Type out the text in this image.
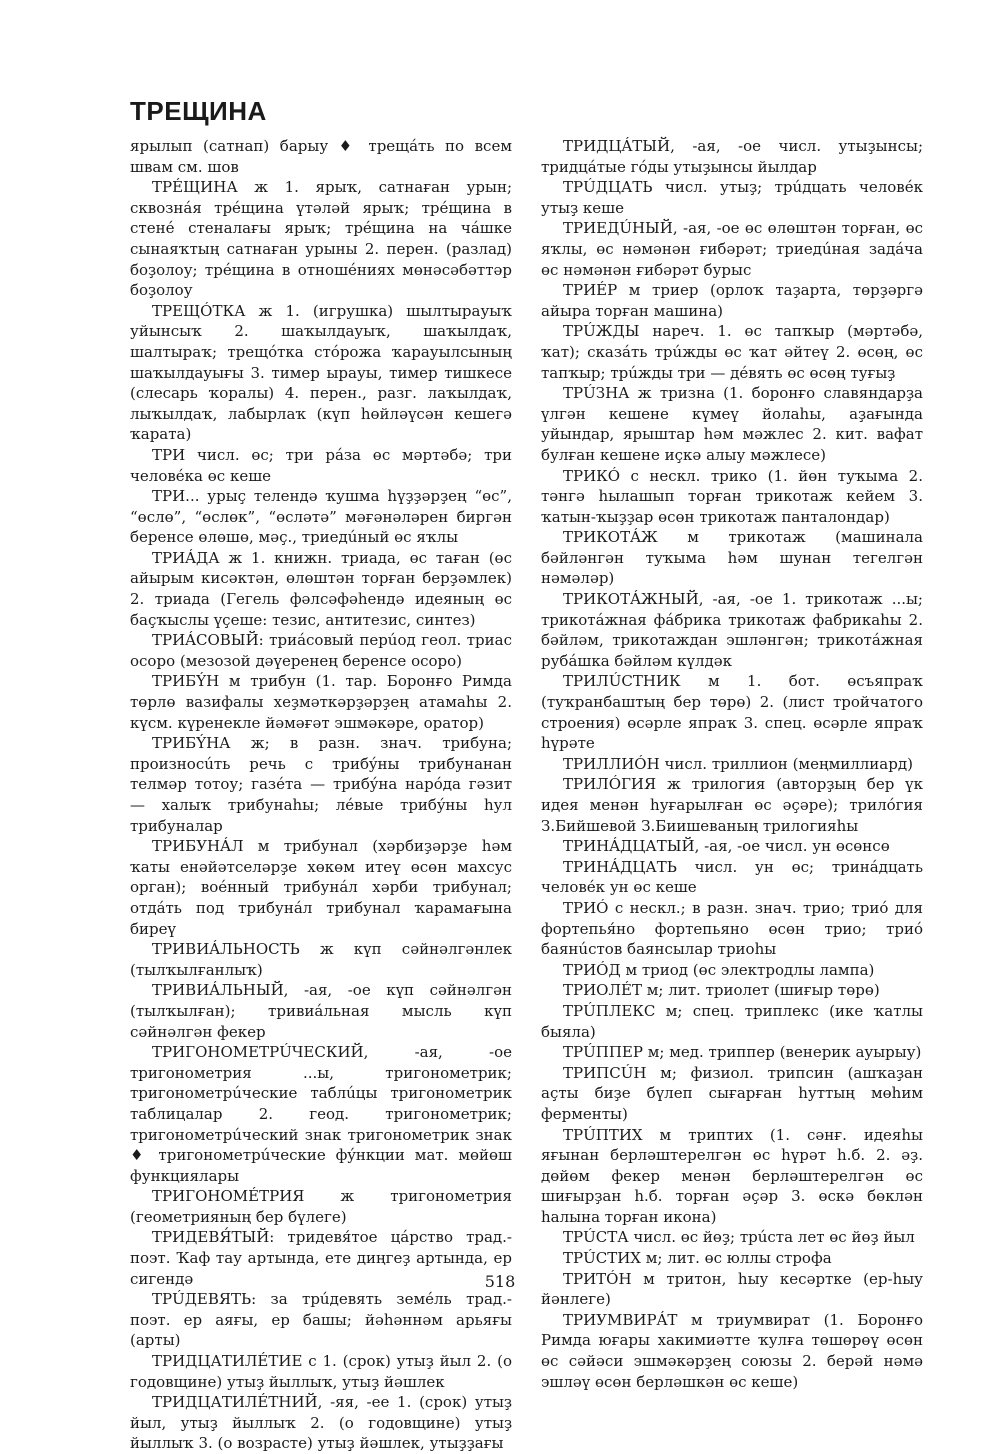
ТРЕЩИНА

ярылып (сатнап) барыу ♦ трещáть по всем швам см. шов

ТРÉЩИНА ж 1. ярыҡ, сатнаған урын; сквознáя трéщина үтәләй ярыҡ; трéщина в стенé стеналағы ярыҡ; трéщина на чáшке сынаяҡтың сатнаған урыны 2. перен. (разлад) боҙолоу; трéщина в отношéниях мөнәсәбәттәр боҙолоу

ТРЕЩÓТКА ж 1. (игрушка) шылтырауыҡ уйынсыҡ 2. шаҡылдауыҡ, шаҡылдаҡ, шалтыраҡ; трещóтка стóрожа ҡарауылсының шаҡылдауығы 3. тимер ырауы, тимер тишкесе (слесарь ҡоралы) 4. перен., разг. лаҡылдаҡ, лыҡылдаҡ, лабырлаҡ (күп һөйләүсән кешегә ҡарата)

ТРИ числ. өс; три рáза өс мәртәбә; три человéка өс кеше

ТРИ... урыҫ телендә ҡушма һүҙҙәрҙең “өс”, “өслө”, “өслөк”, “өсләтә” мәғәнәләрен биргән беренсе өлөшө, мәҫ., триедúный өс яҡлы

ТРИÁДА ж 1. книжн. триада, өс таған (өс айырым кисәктән, өлөштән торған берҙәмлек) 2. триада (Гегель фәлсәфәһендә идеяның өс баҫҡыслы үҫеше: тезис, антитезис, синтез)

ТРИÁСОВЫЙ: триáсовый перúод геол. триас осоро (мезозой дәүеренең беренсе осоро)

ТРИБÝН м трибун (1. тар. Боронғо Римда төрлө вазифалы хеҙмәткәрҙәрҙең атамаһы 2. күсм. күренекле йәмәғәт эшмәкәре, оратор)

ТРИБÝНА ж; в разн. знач. трибуна; произносúть речь с трибýны трибунанан телмәр тотоу; газéта — трибýна нарóда гәзит — халыҡ трибунаһы; лéвые трибýны һул трибуналар

ТРИБУНÁЛ м трибунал (хәрбиҙәрҙе һәм ҡаты енәйәтселәрҙе хөкөм итеү өсөн махсус орган); воéнный трибунáл хәрби трибунал; отдáть под трибунáл трибунал ҡарамағына биреү

ТРИВИÁЛЬНОСТЬ ж күп сәйнәлгәнлек (тылҡылғанлыҡ)

ТРИВИÁЛЬНЫЙ, -ая, -ое күп сәйнәлгән (тылҡылған); тривиáльная мысль күп сәйнәлгән фекер

ТРИГОНОМЕТРÚЧЕСКИЙ, -ая, -ое тригонометрия ...ы, тригонометрик; тригонометрúческие таблúцы тригонометрик таблицалар 2. геод. тригонометрик; тригонометрúческий знак тригонометрик знак ♦ тригонометрúческие фýнкции мат. мөйөш функциялары

ТРИГОНОМÉТРИЯ ж тригонометрия (геометрияның бер бүлеге)

ТРИДЕВЯ́ТЫЙ: тридевя́тое цáрство трад.-поэт. Ҡаф тау артында, ете диңгеҙ артында, ер сигендә

ТРÚДЕВЯТЬ: за трúдевять земéль трад.-поэт. ер аяғы, ер башы; йәһәннәм арьяғы (арты)

ТРИДЦАТИЛÉТИЕ с 1. (срок) утыҙ йыл 2. (о годовщине) утыҙ йыллыҡ, утыҙ йәшлек

ТРИДЦАТИЛÉТНИЙ, -яя, -ее 1. (срок) утыҙ йыл, утыҙ йыллыҡ 2. (о годовщине) утыҙ йыллыҡ 3. (о возрасте) утыҙ йәшлек, утыҙҙағы

ТРИДЦÁТЫЙ, -ая, -ое числ. утыҙынсы; тридцáтые гóды утыҙынсы йылдар

ТРÚДЦАТЬ числ. утыҙ; трúдцать человéк утыҙ кеше

ТРИЕДÚНЫЙ, -ая, -ое өс өлөштән торған, өс яҡлы, өс нәмәнән ғибәрәт; триедúная задáча өс нәмәнән ғибәрәт бурыс

ТРИÉР м триер (орлоҡ таҙарта, төрҙәргә айыра торған машина)

ТРÚЖДЫ нареч. 1. өс тапҡыр (мәртәбә, ҡат); сказáть трúжды өс ҡат әйтеү 2. өсөң, өс тапҡыр; трúжды три — дéвять өс өсөң туғыҙ

ТРÚЗНА ж тризна (1. боронғо славяндарҙа үлгән кешене күмеү йолаһы, аҙағында уйындар, ярыштар һәм мәжлес 2. кит. вафат булған кешене иҫкә алыу мәжлесе)

ТРИКÓ с нескл. трико (1. йөн туҡыма 2. тәнгә һылашып торған трикотаж кейем 3. ҡатын-ҡыҙҙар өсөн трикотаж панталондар)

ТРИКОТÁЖ м трикотаж (машинала бәйләнгән туҡыма һәм шунан тегелгән нәмәләр)

ТРИКОТÁЖНЫЙ, -ая, -ое 1. трикотаж ...ы; трикотáжная фáбрика трикотаж фабрикаһы 2. бәйләм, трикотаждан эшләнгән; трикотáжная рубáшка бәйләм күлдәк

ТРИЛÚСТНИК м 1. бот. өсъяпраҡ (туҡранбаштың бер төрө) 2. (лист тройчатого строения) өсәрле япраҡ 3. спец. өсәрле япраҡ һүрәте

ТРИЛЛИÓН числ. триллион (меңмиллиард)

ТРИЛÓГИЯ ж трилогия (авторҙың бер үк идея менән һуғарылған өс әҫәре); трилóгия З.Бийшевой З.Биишеваның трилогияһы

ТРИНÁДЦАТЫЙ, -ая, -ое числ. ун өсөнсө

ТРИНÁДЦАТЬ числ. ун өс; тринáдцать человéк ун өс кеше

ТРИÓ с нескл.; в разн. знач. трио; триó для фортепья́но фортепьяно өсөн трио; триó баянúстов баянсылар триоһы

ТРИÓД м триод (өс электродлы лампа)

ТРИОЛÉТ м; лит. триолет (шиғыр төрө)

ТРÚПЛЕКС м; спец. триплекс (ике ҡатлы быяла)

ТРÚППЕР м; мед. триппер (венерик ауырыу)

ТРИПСÚН м; физиол. трипсин (ашҡаҙан аҫты биҙе бүлеп сығарған һуттың мөһим ферменты)

ТРÚПТИХ м триптих (1. сәнғ. идеяһы яғынан берләштерелгән өс һүрәт һ.б. 2. әҙ. дөйөм фекер менән берләштерелгән өс шиғырҙан һ.б. торған әҫәр 3. өскә бөклән һалына торған икона)

ТРÚСТА числ. өс йөҙ; трúста лет өс йөҙ йыл

ТРÚСТИХ м; лит. өс юллы строфа

ТРИТÓН м тритон, һыу кесәртке (ер-һыу йәнлеге)

ТРИУМВИРÁТ м триумвират (1. Боронғо Римда юғары хакимиәтте ҡулға төшөрөү өсөн өс сәйәси эшмәкәрҙең союзы 2. берәй нәмә эшләү өсөн берләшкән өс кеше)

518
